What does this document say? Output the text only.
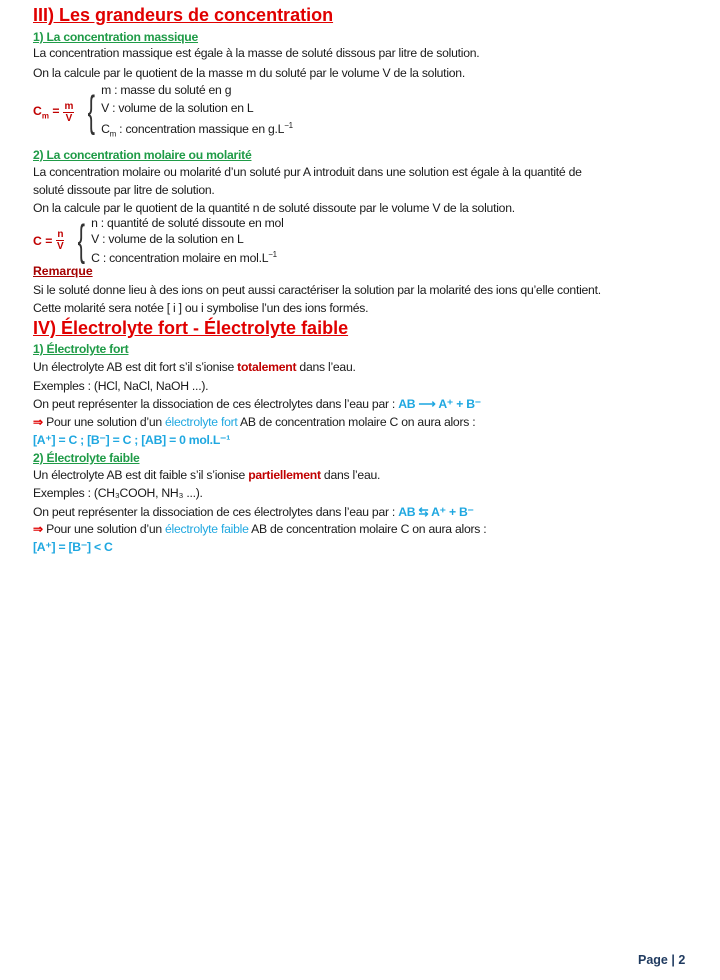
III) Les grandeurs de concentration
1) La concentration massique
La concentration massique est égale à la masse de soluté dissous par litre de solution.
On la calcule par le quotient de la masse m du soluté par le volume V de la solution.
$C_m = \frac{m}{V}$ { m : masse du soluté en g
V : volume de la solution en L
$C_m$ : concentration massique en $g.L^{-1}$
2) La concentration molaire ou molarité
La concentration molaire ou molarité d’un soluté pur A introduit dans une solution est égale à la quantité de
soluté dissoute par litre de solution.
On la calcule par le quotient de la quantité n de soluté dissoute par le volume V de la solution.
$C = \frac{n}{V}$ { n : quantité de soluté dissoute en mol
V : volume de la solution en L
C : concentration molaire en $mol.L^{-1}$
Remarque
Si le soluté donne lieu à des ions on peut aussi caractériser la solution par la molarité des ions qu’elle contient.
Cette molarité sera notée [ i ] ou i symbolise l’un des ions formés.
IV) Électrolyte fort - Électrolyte faible
1) Électrolyte fort
Un électrolyte AB est dit fort s’il s’ionise totalement dans l’eau.
Exemples : (HCl, NaCl, NaOH ...).
On peut représenter la dissociation de ces électrolytes dans l’eau par : AB ⟶ A⁺ + B⁻
⇒ Pour une solution d’un électrolyte fort AB de concentration molaire C on aura alors :
[A⁺] = C ; [B⁻] = C ; [AB] = 0 mol.L⁻¹
2) Électrolyte faible
Un électrolyte AB est dit faible s’il s’ionise partiellement dans l’eau.
Exemples : (CH₃COOH, NH₃ ...).
On peut représenter la dissociation de ces électrolytes dans l’eau par : AB ⇆ A⁺ + B⁻
⇒ Pour une solution d’un électrolyte faible AB de concentration molaire C on aura alors :
[A⁺] = [B⁻] < C
Page | 2
